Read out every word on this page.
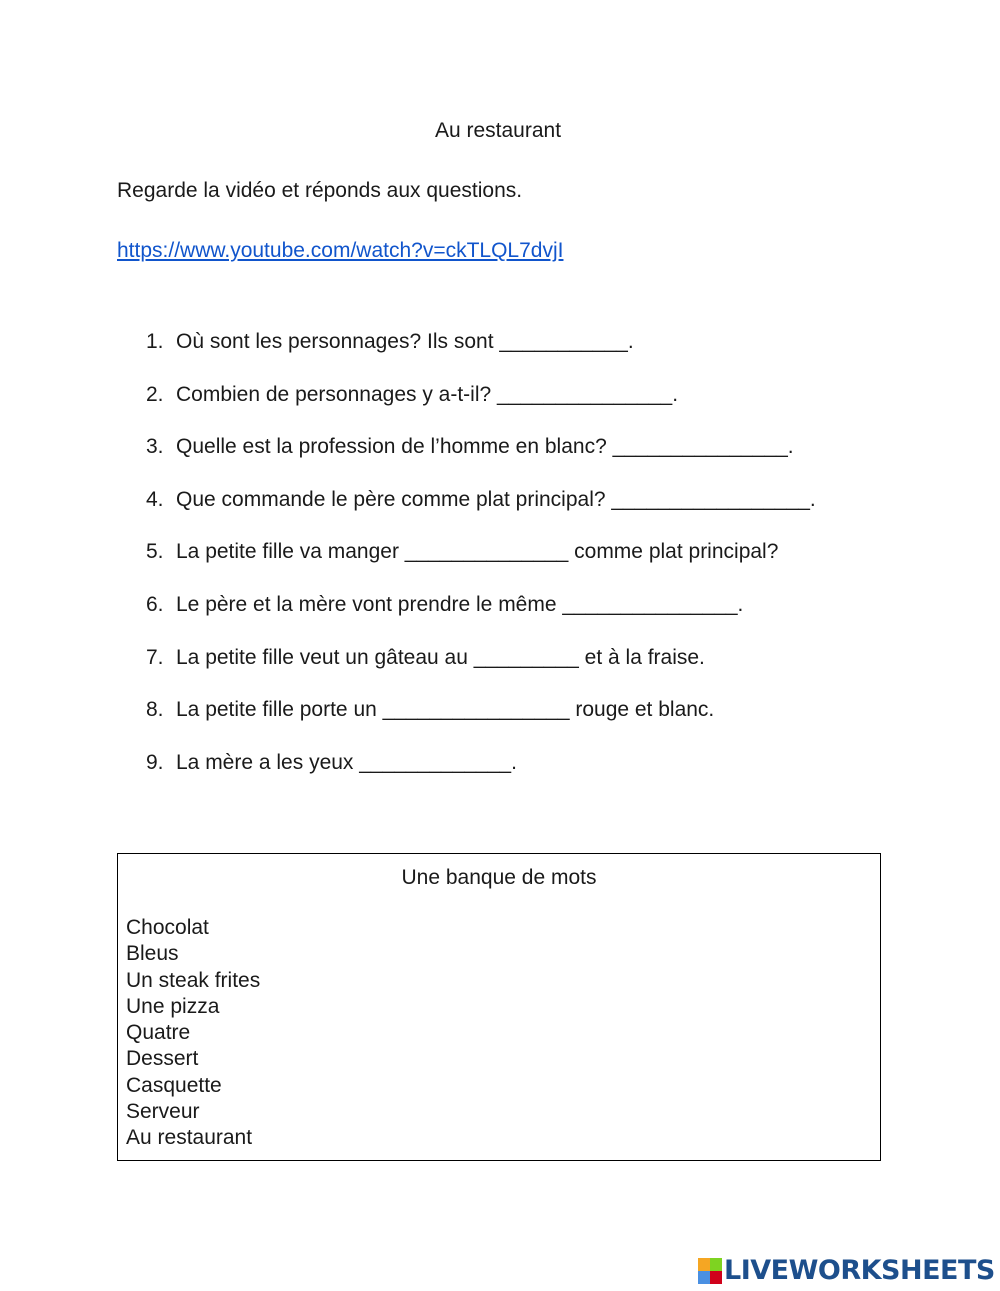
Au restaurant
Regarde la vidéo et réponds aux questions.
https://www.youtube.com/watch?v=ckTLQL7dvjI
1. Où sont les personnages? Ils sont ___________.
2. Combien de personnages y a-t-il? _______________.
3. Quelle est la profession de l’homme en blanc? _______________.
4. Que commande le père comme plat principal? _________________.
5. La petite fille va manger ______________ comme plat principal?
6. Le père et la mère vont prendre le même _______________.
7. La petite fille veut un gâteau au _________ et à la fraise.
8. La petite fille porte un ________________ rouge et blanc.
9. La mère a les yeux _____________.
Une banque de mots
Chocolat
Bleus
Un steak frites
Une pizza
Quatre
Dessert
Casquette
Serveur
Au restaurant
LIVEWORKSHEETS
